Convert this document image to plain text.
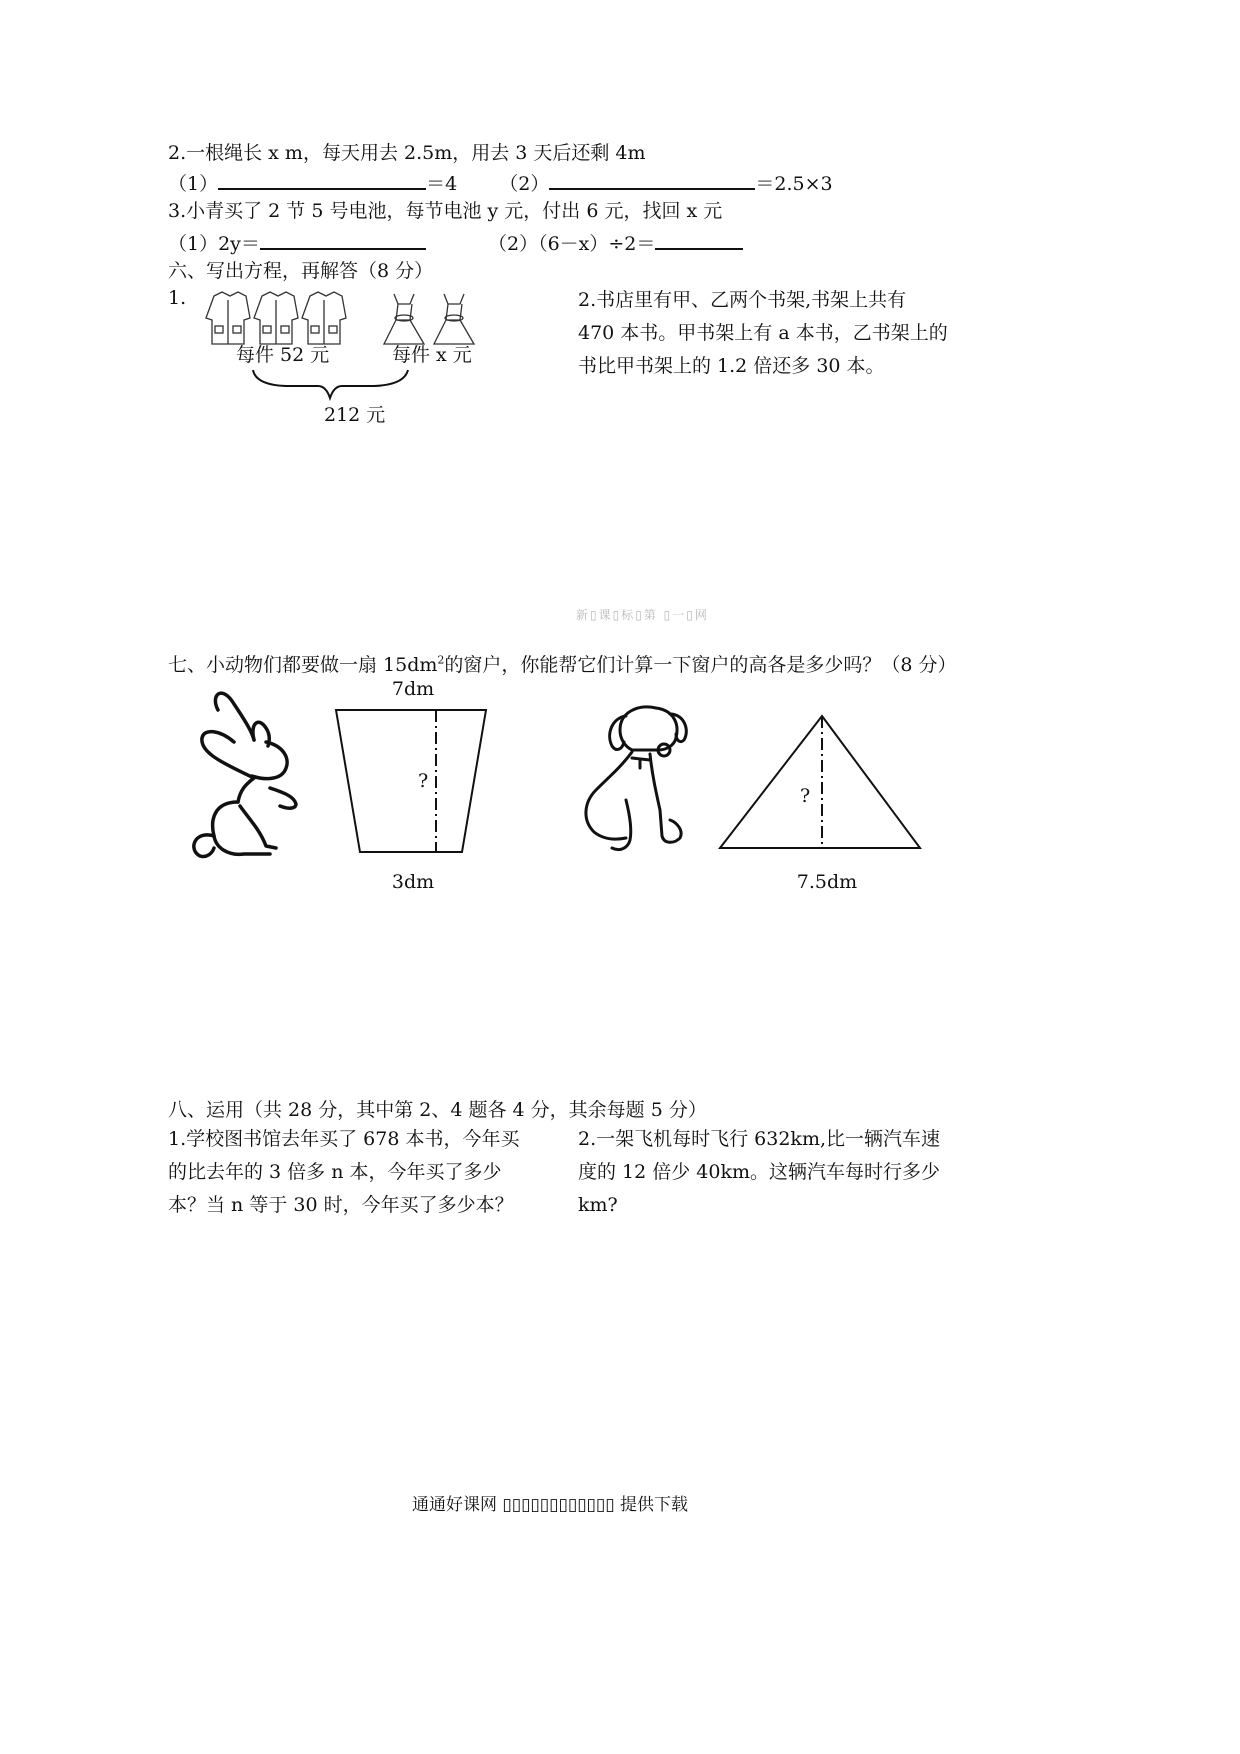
2.一根绳长 x m，每天用去 2.5m，用去 3 天后还剩 4m
（1）	＝4 （2）	＝2.5×3
3.小青买了 2 节 5 号电池，每节电池 y 元，付出 6 元，找回 x 元
（1）2y＝	（2）（6－x）÷2＝
六、写出方程，再解答（8 分）
1.
每件 52 元	每件 x 元
212 元
2.书店里有甲、乙两个书架,书架上共有 470 本书。甲书架上有 a 本书，乙书架上的书比甲书架上的 1.2 倍还多 30 本。
新▯课▯标▯第 ▯一▯网
七、小动物们都要做一扇 $15dm^2$的窗户，你能帮它们计算一下窗户的高各是多少吗？（8 分）
7dm
?
3dm
?
7.5dm
八、运用（共 28 分，其中第 2、4 题各 4 分，其余每题 5 分）
1.学校图书馆去年买了 678 本书，今年买的比去年的 3 倍多 n 本，今年买了多少本？当 n 等于 30 时，今年买了多少本？
2.一架飞机每时飞行 632km,比一辆汽车速度的 12 倍少 40km。这辆汽车每时行多少 km?
通通好课网 ▯▯▯▯▯▯▯▯▯▯▯▯ 提供下载
